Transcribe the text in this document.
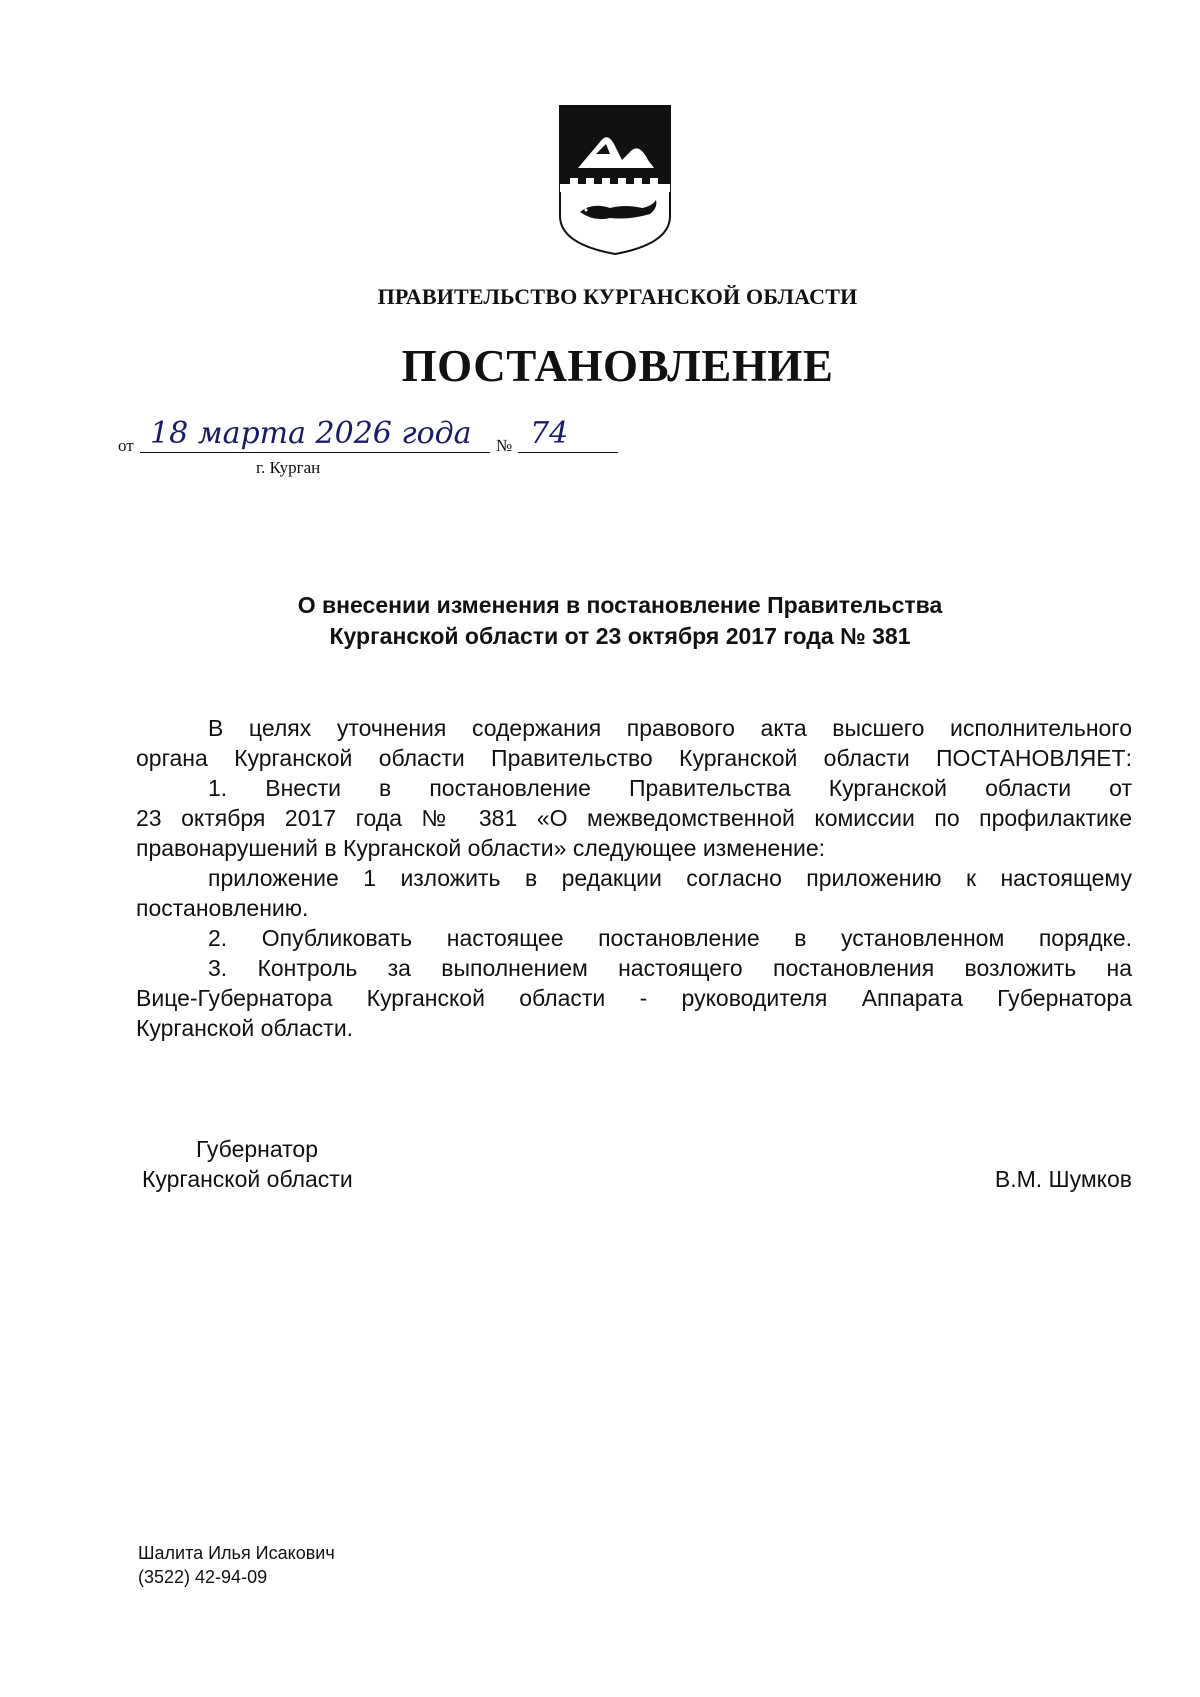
ПРАВИТЕЛЬСТВО КУРГАНСКОЙ ОБЛАСТИ
ПОСТАНОВЛЕНИЕ
от 18 марта 2026 года	№ 74
г. Курган
О внесении изменения в постановление Правительства
Курганской области от 23 октября 2017 года № 381

В целях уточнения содержания правового акта высшего исполнительного

органа Курганской области Правительство Курганской области ПОСТАНОВЛЯЕТ:

1. Внести в постановление Правительства Курганской области от

23 октября 2017 года № 381 «О межведомственной комиссии по профилактике

правонарушений в Курганской области» следующее изменение:

приложение 1 изложить в редакции согласно приложению к настоящему

постановлению.

2. Опубликовать настоящее постановление в установленном порядке.

3. Контроль за выполнением настоящего постановления возложить на

Вице-Губернатора Курганской области - руководителя Аппарата Губернатора

Курганской области.

Губернатор
Курганской области	В.М. Шумков
Шалита Илья Исакович
(3522) 42-94-09
